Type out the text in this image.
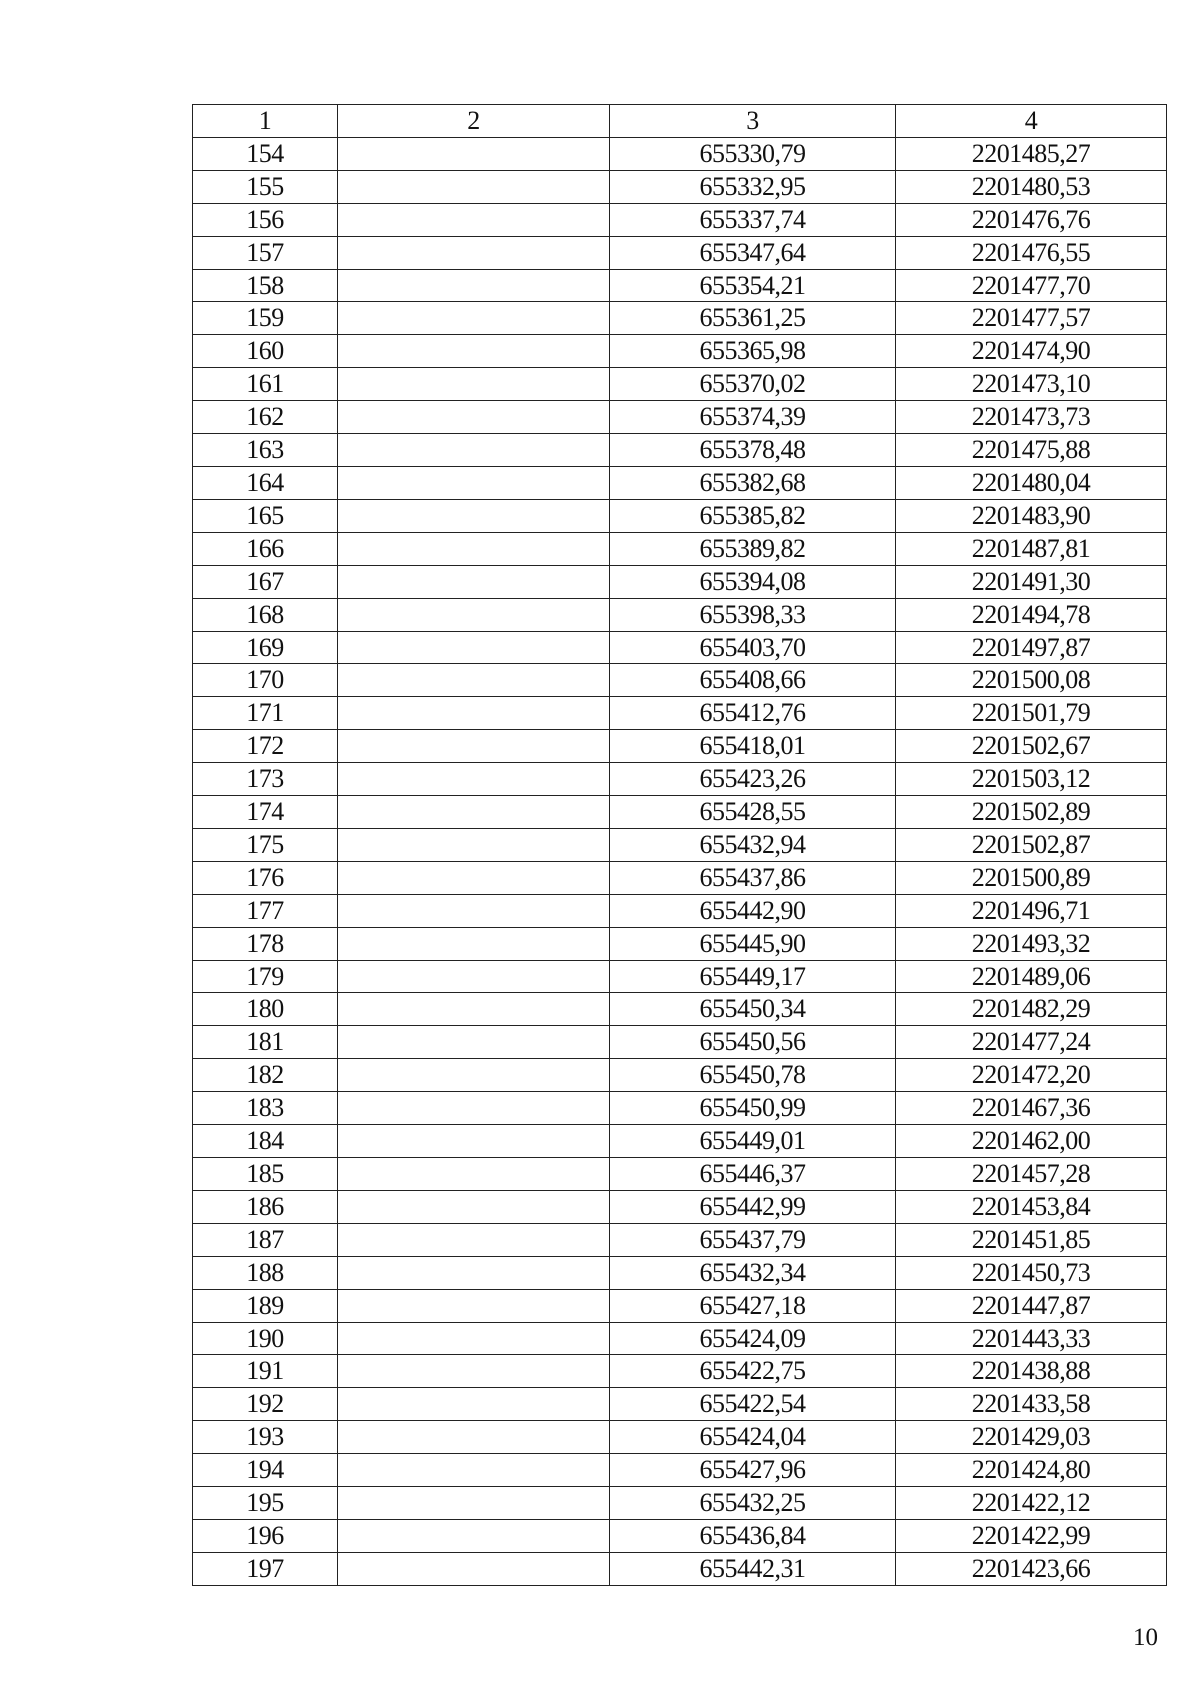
1	2	3	4
154		655330,79	2201485,27
155		655332,95	2201480,53
156		655337,74	2201476,76
157		655347,64	2201476,55
158		655354,21	2201477,70
159		655361,25	2201477,57
160		655365,98	2201474,90
161		655370,02	2201473,10
162		655374,39	2201473,73
163		655378,48	2201475,88
164		655382,68	2201480,04
165		655385,82	2201483,90
166		655389,82	2201487,81
167		655394,08	2201491,30
168		655398,33	2201494,78
169		655403,70	2201497,87
170		655408,66	2201500,08
171		655412,76	2201501,79
172		655418,01	2201502,67
173		655423,26	2201503,12
174		655428,55	2201502,89
175		655432,94	2201502,87
176		655437,86	2201500,89
177		655442,90	2201496,71
178		655445,90	2201493,32
179		655449,17	2201489,06
180		655450,34	2201482,29
181		655450,56	2201477,24
182		655450,78	2201472,20
183		655450,99	2201467,36
184		655449,01	2201462,00
185		655446,37	2201457,28
186		655442,99	2201453,84
187		655437,79	2201451,85
188		655432,34	2201450,73
189		655427,18	2201447,87
190		655424,09	2201443,33
191		655422,75	2201438,88
192		655422,54	2201433,58
193		655424,04	2201429,03
194		655427,96	2201424,80
195		655432,25	2201422,12
196		655436,84	2201422,99
197		655442,31	2201423,66
10
